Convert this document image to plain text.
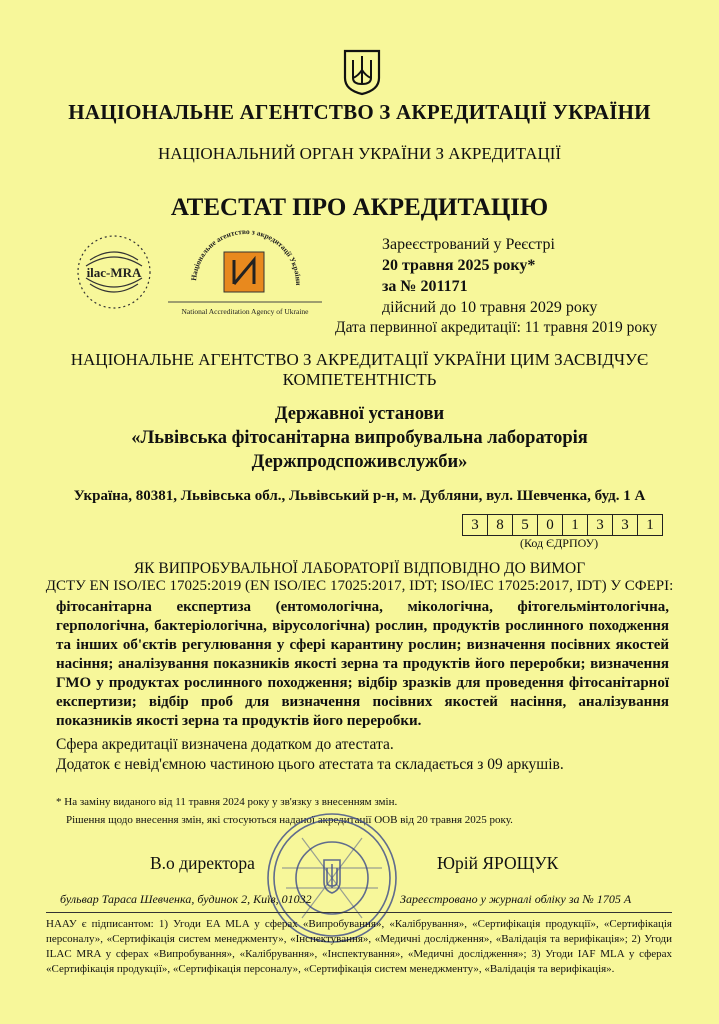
НАЦІОНАЛЬНЕ АГЕНТСТВО З АКРЕДИТАЦІЇ УКРАЇНИ
НАЦІОНАЛЬНИЙ ОРГАН УКРАЇНИ З АКРЕДИТАЦІЇ
АТЕСТАТ ПРО АКРЕДИТАЦІЮ
ilac-MRA	Національне агентство з акредитації України
National Accreditation Agency of Ukraine
Зареєстрований у Реєстрі
20 травня 2025 року*
за № 201171
дійсний до 10 травня 2029 року
Дата первинної акредитації: 11 травня 2019 року
НАЦІОНАЛЬНЕ АГЕНТСТВО З АКРЕДИТАЦІЇ УКРАЇНИ ЦИМ ЗАСВІДЧУЄ
КОМПЕТЕНТНІСТЬ
Державної установи
«Львівська фітосанітарна випробувальна лабораторія
Держпродспоживслужби»
Україна, 80381, Львівська обл., Львівський р-н, м. Дубляни, вул. Шевченка, буд. 1 А
3	8	5	0	1	3	3	1
(Код ЄДРПОУ)
ЯК ВИПРОБУВАЛЬНОЇ ЛАБОРАТОРІЇ ВІДПОВІДНО ДО ВИМОГ
ДСТУ EN ISO/IEC 17025:2019 (EN ISO/IEC 17025:2017, IDT; ISO/IEC 17025:2017, IDT) У СФЕРІ:
фітосанітарна експертиза (ентомологічна, мікологічна, фітогельмінтологічна, герпологічна, бактеріологічна, вірусологічна) рослин, продуктів рослинного походження та інших об'єктів регулювання у сфері карантину рослин; визначення посівних якостей насіння; аналізування показників якості зерна та продуктів його переробки; визначення ГМО у продуктах рослинного походження; відбір зразків для проведення фітосанітарної експертизи; відбір проб для визначення посівних якостей насіння, аналізування показників якості зерна та продуктів його переробки.
Сфера акредитації визначена додатком до атестата.
Додаток є невід'ємною частиною цього атестата та складається з 09 аркушів.
* На заміну виданого від 11 травня 2024 року у зв'язку з внесенням змін.
Рішення щодо внесення змін, які стосуються наданої акредитації ООВ від 20 травня 2025 року.
В.о директора	Юрій ЯРОЩУК
бульвар Тараса Шевченка, будинок 2, Київ, 01032	Зареєстровано у журналі обліку за № 1705 А
НААУ є підписантом: 1) Угоди EA MLA у сферах «Випробування», «Калібрування», «Сертифікація продукції», «Сертифікація персоналу», «Сертифікація систем менеджменту», «Інспектування», «Медичні дослідження», «Валідація та верифікація»; 2) Угоди ILAC MRA у сферах «Випробування», «Калібрування», «Інспектування», «Медичні дослідження»; 3) Угоди IAF MLA у сферах «Сертифікація продукції», «Сертифікація персоналу», «Сертифікація систем менеджменту», «Валідація та верифікація».
